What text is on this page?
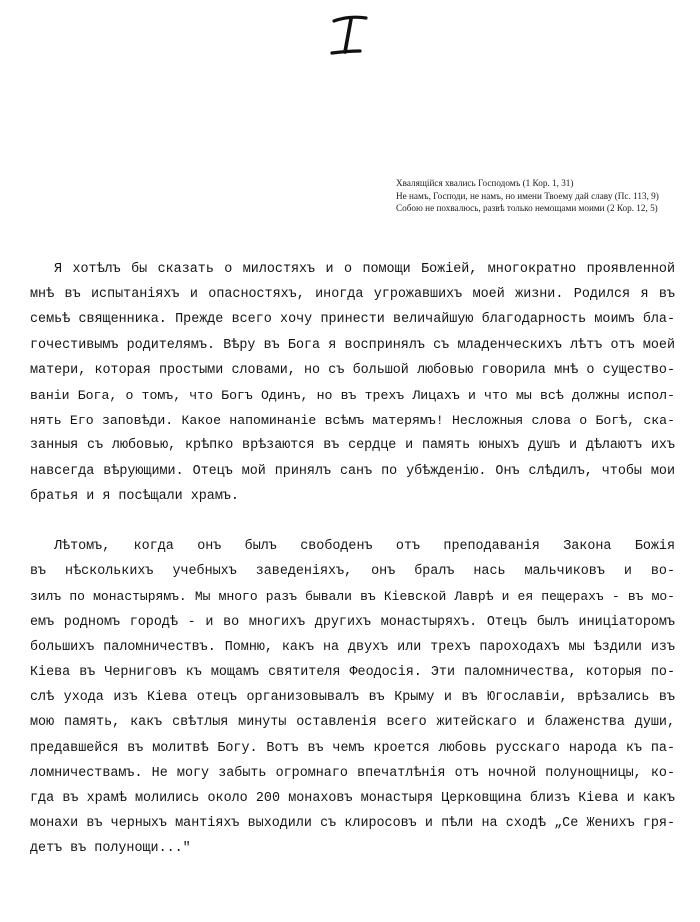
Хвалящійся хвались Господомъ (1 Кор. 1, 31)
Не намъ, Господи, не намъ, но имени Твоему дай славу (Пс. 113, 9)
Собою не похвалюсь, развѣ только немощами моими (2 Кор. 12, 5)
Я хотѣлъ бы сказать о милостяхъ и о помощи Божіей, многократно проявленной
мнѣ въ испытаніяхъ и опасностяхъ, иногда угрожавшихъ моей жизни. Родился я въ
семьѣ священника. Прежде всего хочу принести величайшую благодарность моимъ бла-
гочестивымъ родителямъ. Вѣру въ Бога я воспринялъ съ младенческихъ лѣтъ отъ моей
матери, которая простыми словами, но съ большой любовью говорила мнѣ о существо-
ваніи Бога, о томъ, что Богъ Одинъ, но въ трехъ Лицахъ и что мы всѣ должны испол-
нять Его заповѣди. Какое напоминаніе всѣмъ матерямъ! Несложныя слова о Богѣ, ска-
занныя съ любовью, крѣпко врѣзаются въ сердце и память юныхъ душъ и дѣлаютъ ихъ
навсегда вѣрующими. Отецъ мой принялъ санъ по убѣжденію. Онъ слѣдилъ, чтобы мои
братья и я посѣщали храмъ.
Лѣтомъ, когда онъ былъ свободенъ отъ преподаванія Закона Божія
въ нѣсколькихъ учебныхъ заведеніяхъ, онъ бралъ нась мальчиковъ и во-
зилъ по монастырямъ. Мы много разъ бывали въ Кіевской Лаврѣ и ея пещерахъ - въ мо-
емъ родномъ городѣ - и во многихъ другихъ монастыряхъ. Отецъ былъ иниціаторомъ
большихъ паломничествъ. Помню, какъ на двухъ или трехъ пароходахъ мы ѣздили изъ
Кіева въ Черниговъ къ мощамъ святителя Феодосія. Эти паломничества, которыя по-
слѣ ухода изъ Кіева отецъ организовывалъ въ Крыму и въ Югославіи, врѣзались въ
мою память, какъ свѣтлыя минуты оставленія всего житейскаго и блаженства души,
предавшейся въ молитвѣ Богу. Вотъ въ чемъ кроется любовь русскаго народа къ па-
ломничествамъ. Не могу забыть огромнаго впечатлѣнія отъ ночной полунощницы, ко-
гда въ храмѣ молились около 200 монаховъ монастыря Церковщина близъ Кіева и какъ
монахи въ черныхъ мантіяхъ выходили съ клиросовъ и пѣли на сходѣ „Се Женихъ гря-
детъ въ полунощи..."
